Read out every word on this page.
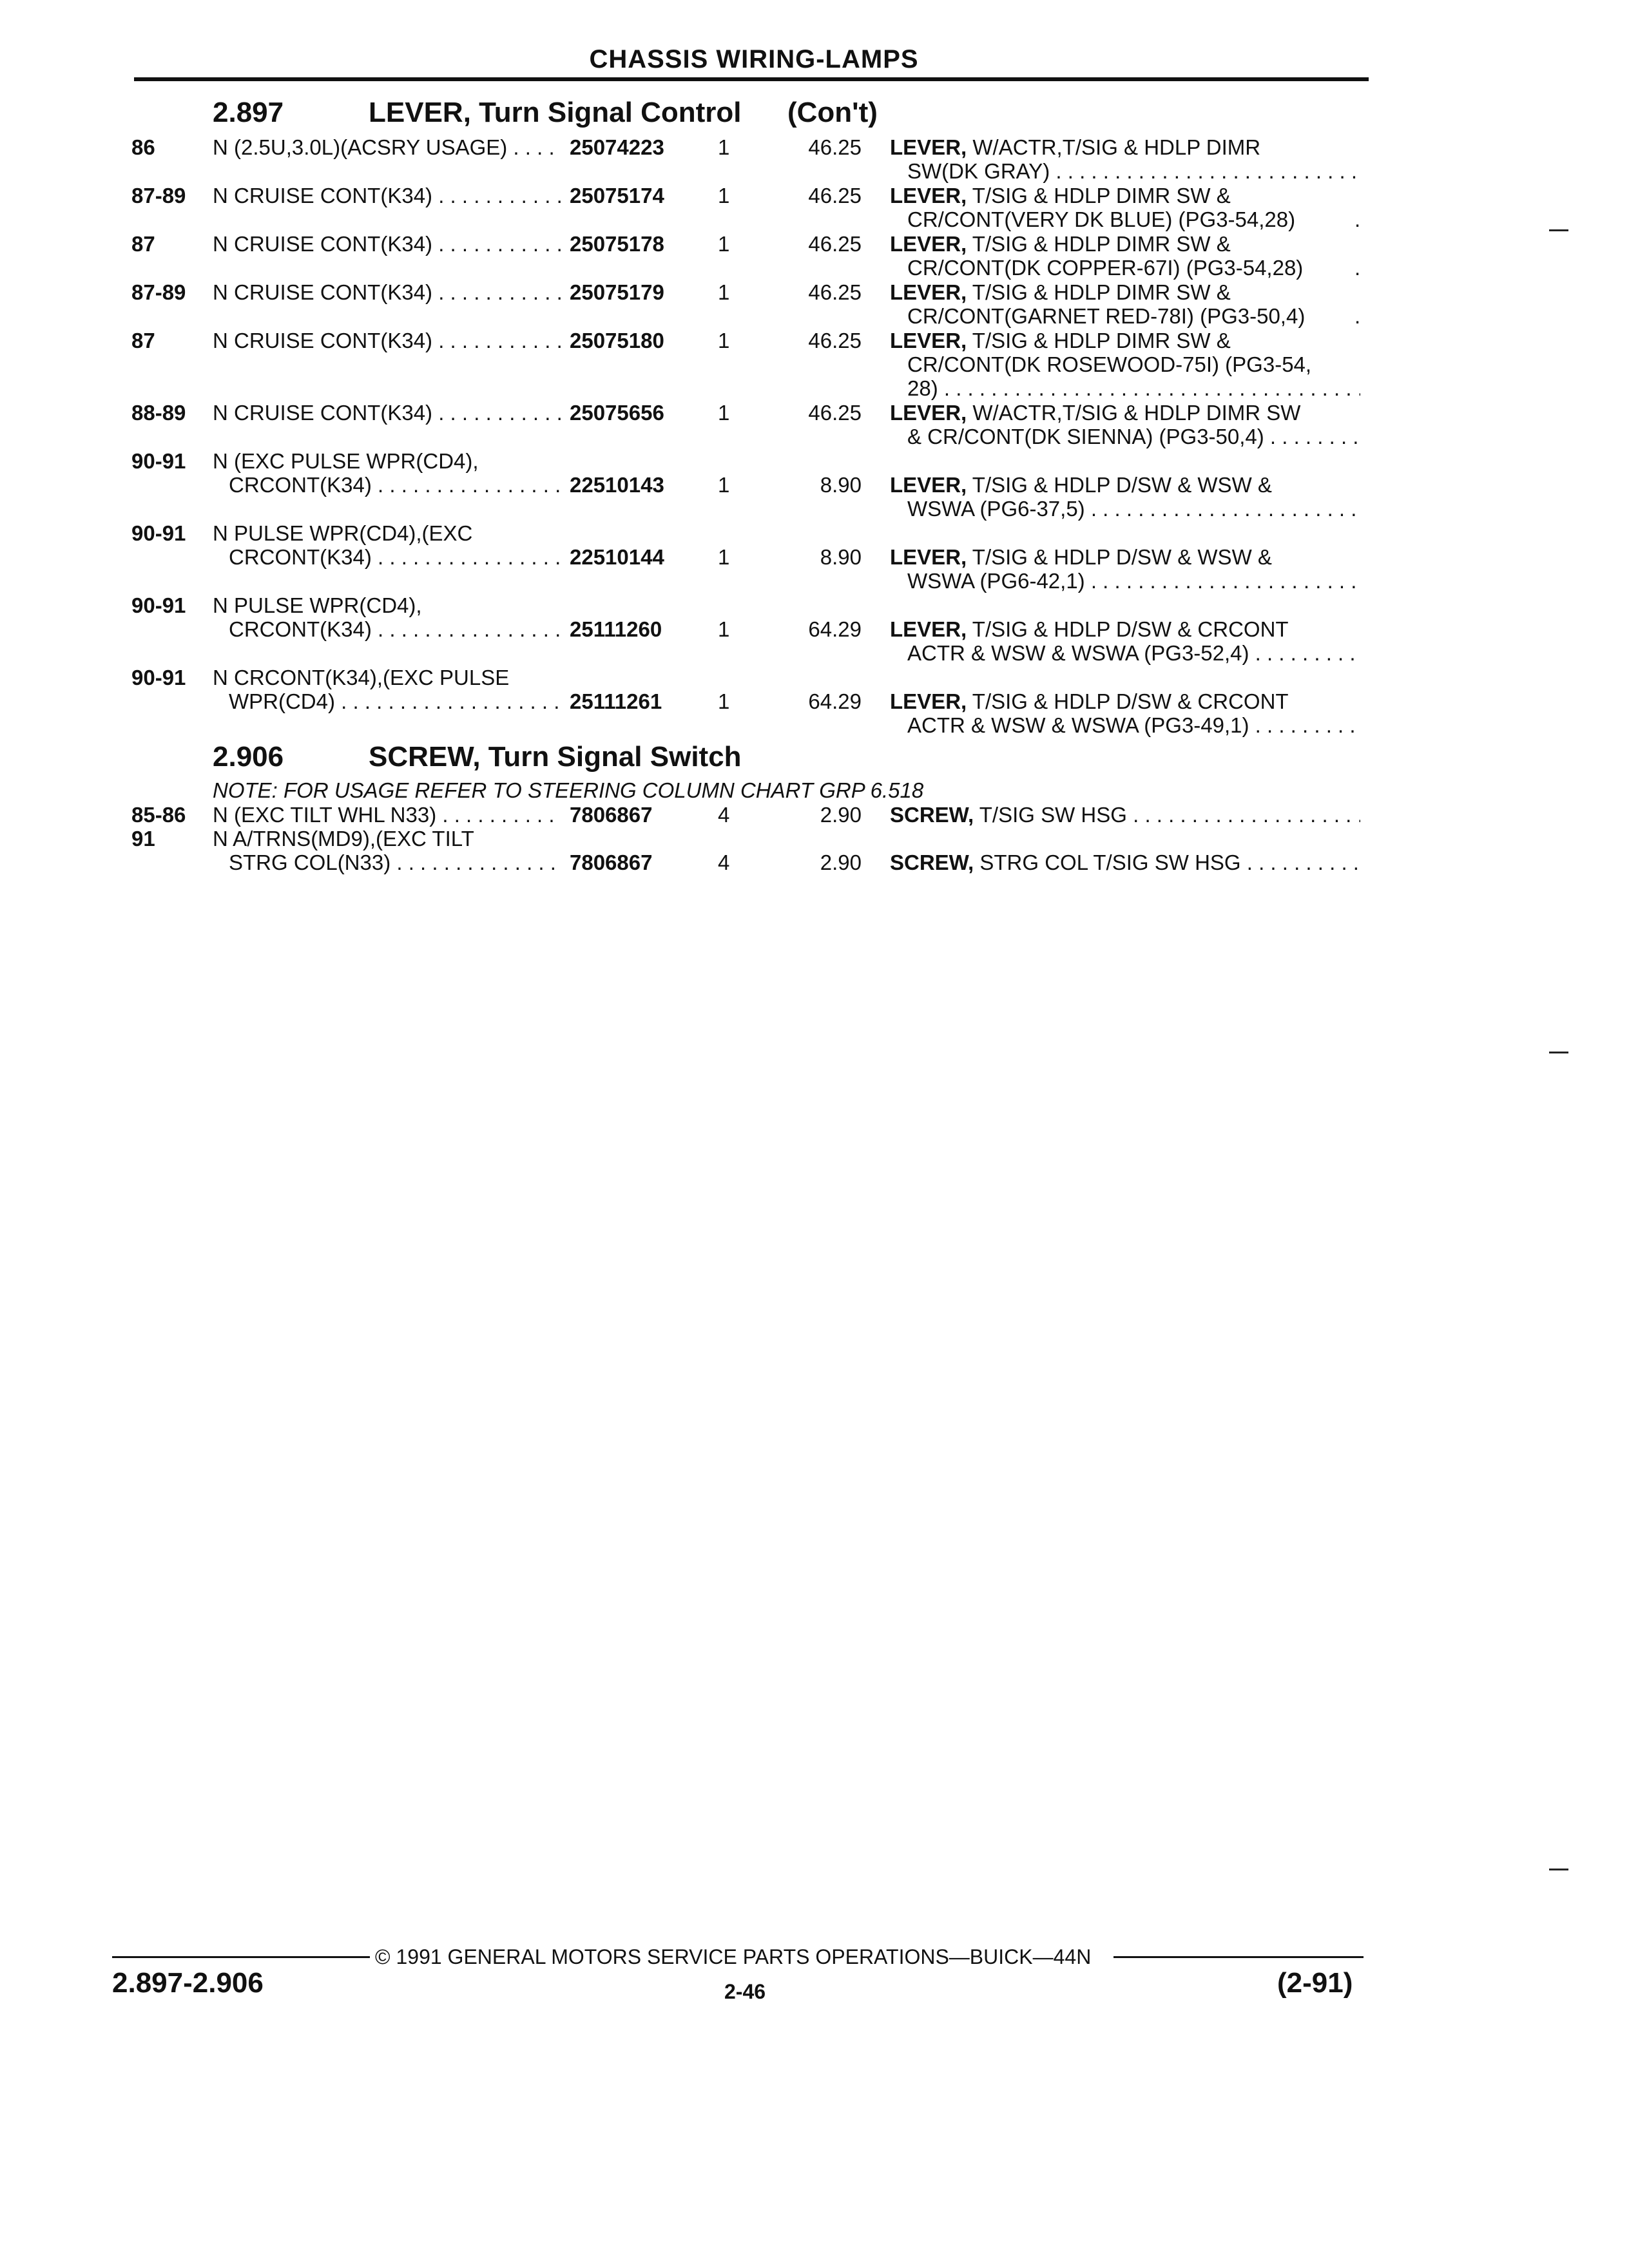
CHASSIS WIRING-LAMPS
2.897	LEVER, Turn Signal Control (Con't)
86	N (2.5U,3.0L)(ACSRY USAGE) . . .	25074223	1	46.25 LEVER, W/ACTR,T/SIG & HDLP DIMR
SW(DK GRAY) . . .
87-89 N CRUISE CONT(K34) . . .	25075174	1	46.25 LEVER, T/SIG & HDLP DIMR SW &
CR/CONT(VERY DK BLUE) (PG3-54,28)	.
87	N CRUISE CONT(K34) . . .	25075178	1	46.25 LEVER, T/SIG & HDLP DIMR SW &
CR/CONT(DK COPPER-67I) (PG3-54,28)	.
87-89 N CRUISE CONT(K34) . . .	25075179	1	46.25 LEVER, T/SIG & HDLP DIMR SW &
CR/CONT(GARNET RED-78I) (PG3-50,4)	.
87	N CRUISE CONT(K34) . . .	25075180	1	46.25 LEVER, T/SIG & HDLP DIMR SW &
CR/CONT(DK ROSEWOOD-75I) (PG3-54,
28) . . .
88-89 N CRUISE CONT(K34) . . .	25075656	1	46.25 LEVER, W/ACTR,T/SIG & HDLP DIMR SW
& CR/CONT(DK SIENNA) (PG3-50,4) . . .
90-91 N (EXC PULSE WPR(CD4),
CRCONT(K34) . . .	22510143	1	8.90 LEVER, T/SIG & HDLP D/SW & WSW &
WSWA (PG6-37,5) . . .
90-91 N PULSE WPR(CD4),(EXC
CRCONT(K34) . . .	22510144	1	8.90 LEVER, T/SIG & HDLP D/SW & WSW &
WSWA (PG6-42,1) . . .
90-91 N PULSE WPR(CD4),
CRCONT(K34) . . .	25111260	1	64.29 LEVER, T/SIG & HDLP D/SW & CRCONT
ACTR & WSW & WSWA (PG3-52,4) . . .
90-91 N CRCONT(K34),(EXC PULSE
WPR(CD4) . . .	25111261	1	64.29 LEVER, T/SIG & HDLP D/SW & CRCONT
ACTR & WSW & WSWA (PG3-49,1) . . .
2.906	SCREW, Turn Signal Switch
NOTE: FOR USAGE REFER TO STEERING COLUMN CHART GRP 6.518
85-86 N (EXC TILT WHL N33) . . .	7806867	4	2.90 SCREW, T/SIG SW HSG . . .
91	N A/TRNS(MD9),(EXC TILT
STRG COL(N33) . . .	7806867	4	2.90 SCREW, STRG COL T/SIG SW HSG . . .
© 1991 GENERAL MOTORS SERVICE PARTS OPERATIONS—BUICK—44N
2.897-2.906	2-46	(2-91)
